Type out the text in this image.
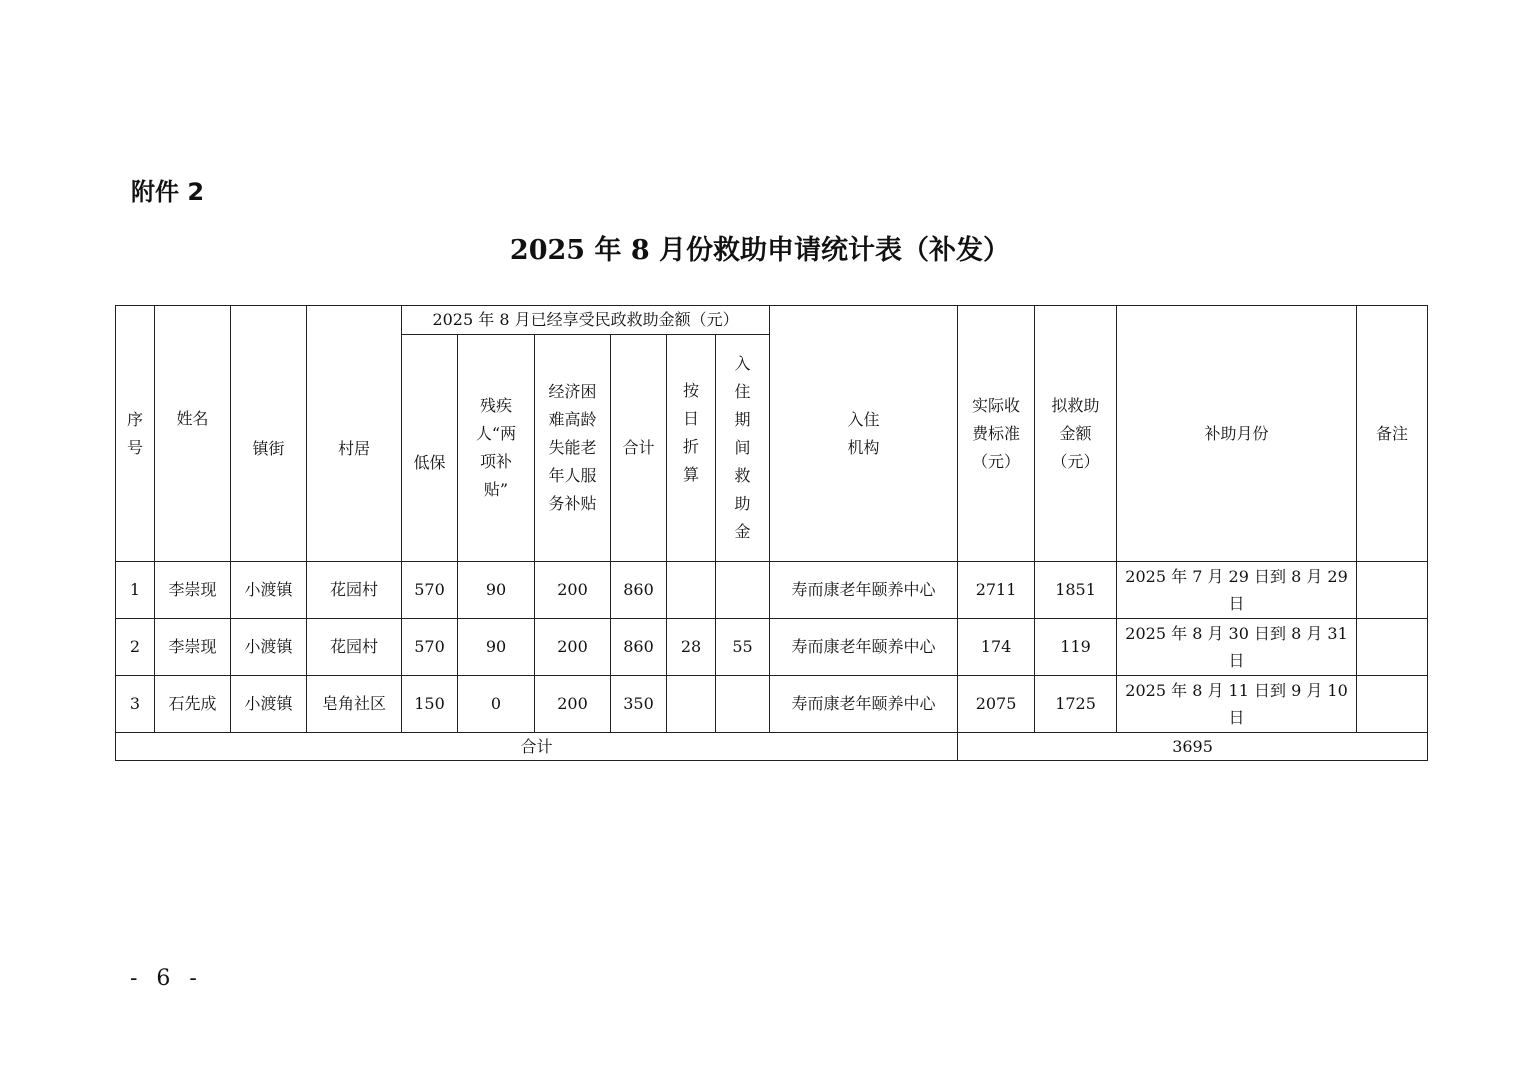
附件 2
2025 年 8 月份救助申请统计表（补发）
序号	姓名	镇街	村居	2025 年 8 月已经享受民政救助金额（元）						入住机构	实际收费标准（元）	拟救助金额（元）	补助月份	备注
				低保	残疾人“两项补贴”	经济困难高龄失能老年人服务补贴	合计	按日折算	入住期间救助金					
1	李崇现	小渡镇	花园村	570	90	200	860			寿而康老年颐养中心	2711	1851	2025 年 7 月 29 日到 8 月 29 日	
2	李崇现	小渡镇	花园村	570	90	200	860	28	55	寿而康老年颐养中心	174	119	2025 年 8 月 30 日到 8 月 31 日	
3	石先成	小渡镇	皂角社区	150	0	200	350			寿而康老年颐养中心	2075	1725	2025 年 8 月 11 日到 9 月 10 日	
合计											3695			
- 6 -
